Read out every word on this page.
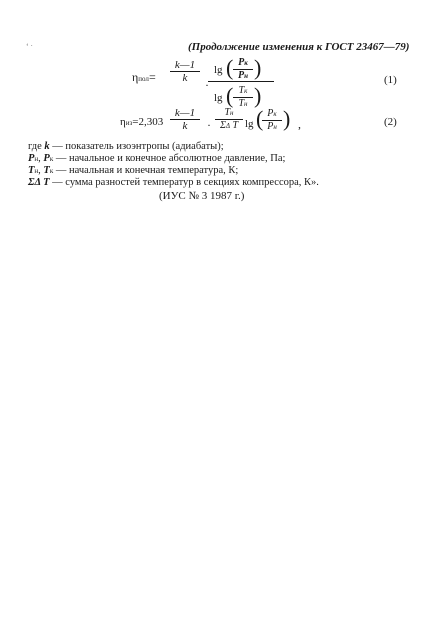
ʻ ˑ	(Продолжение изменения к ГОСТ 23467—79)
ηпол=
k—1
k ·
lg ( Pк
Pн )
lg ( Tк
Tн )
(1)
ηиз=2,303
k—1
k ·
Tн
ΣΔ T lg ( Pк
Pн ) ,	(2)
где k — показатель изоэнтропы (адиабаты);
Pн, Pк — начальное и конечное абсолютное давление, Па;
Tн, Tк — начальная и конечная температура, К;
ΣΔ T — сумма разностей температур в секциях компрессора, К».
(ИУС № 3 1987 г.)
